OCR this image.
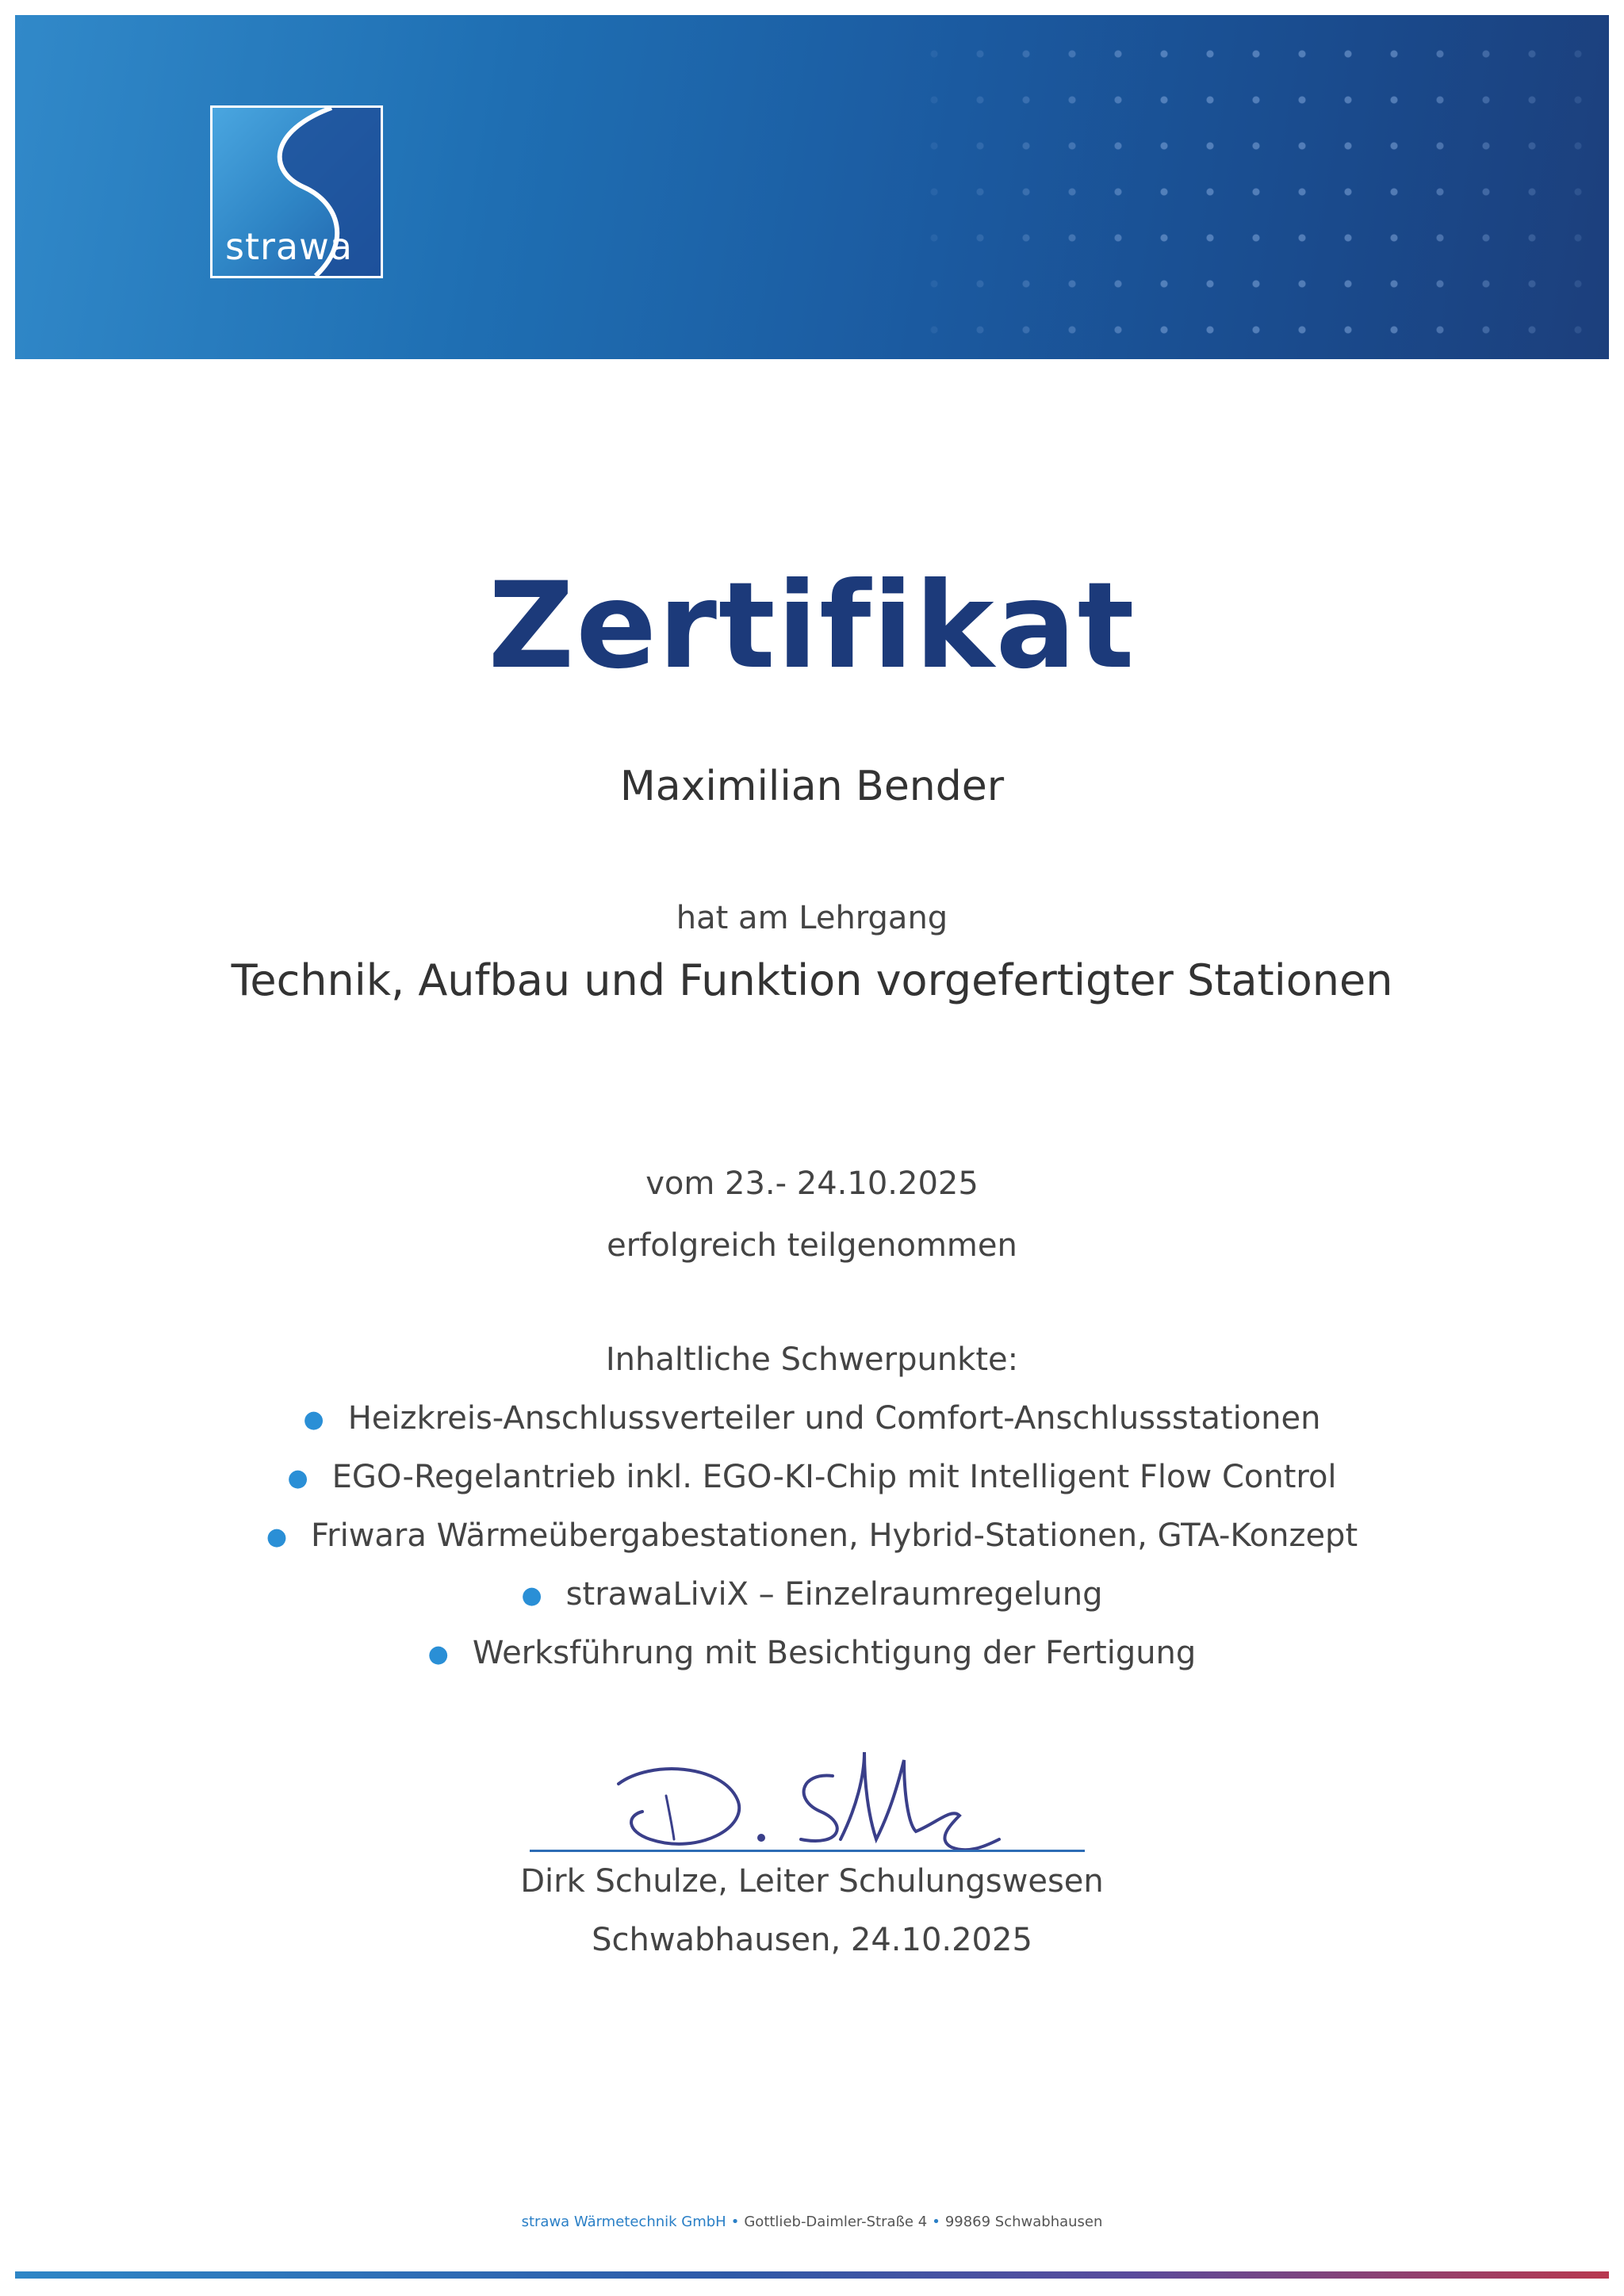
strawa
Zertifikat
Maximilian Bender
hat am Lehrgang
Technik, Aufbau und Funktion vorgefertigter Stationen
vom 23.- 24.10.2025
erfolgreich teilgenommen
Inhaltliche Schwerpunkte:
● Heizkreis-Anschlussverteiler und Comfort-Anschlussstationen
● EGO-Regelantrieb inkl. EGO-KI-Chip mit Intelligent Flow Control
● Friwara Wärmeübergabestationen, Hybrid-Stationen, GTA-Konzept
● strawaLiviX – Einzelraumregelung
● Werksführung mit Besichtigung der Fertigung
Dirk Schulze, Leiter Schulungswesen
Schwabhausen, 24.10.2025
strawa Wärmetechnik GmbH • Gottlieb-Daimler-Straße 4 • 99869 Schwabhausen
